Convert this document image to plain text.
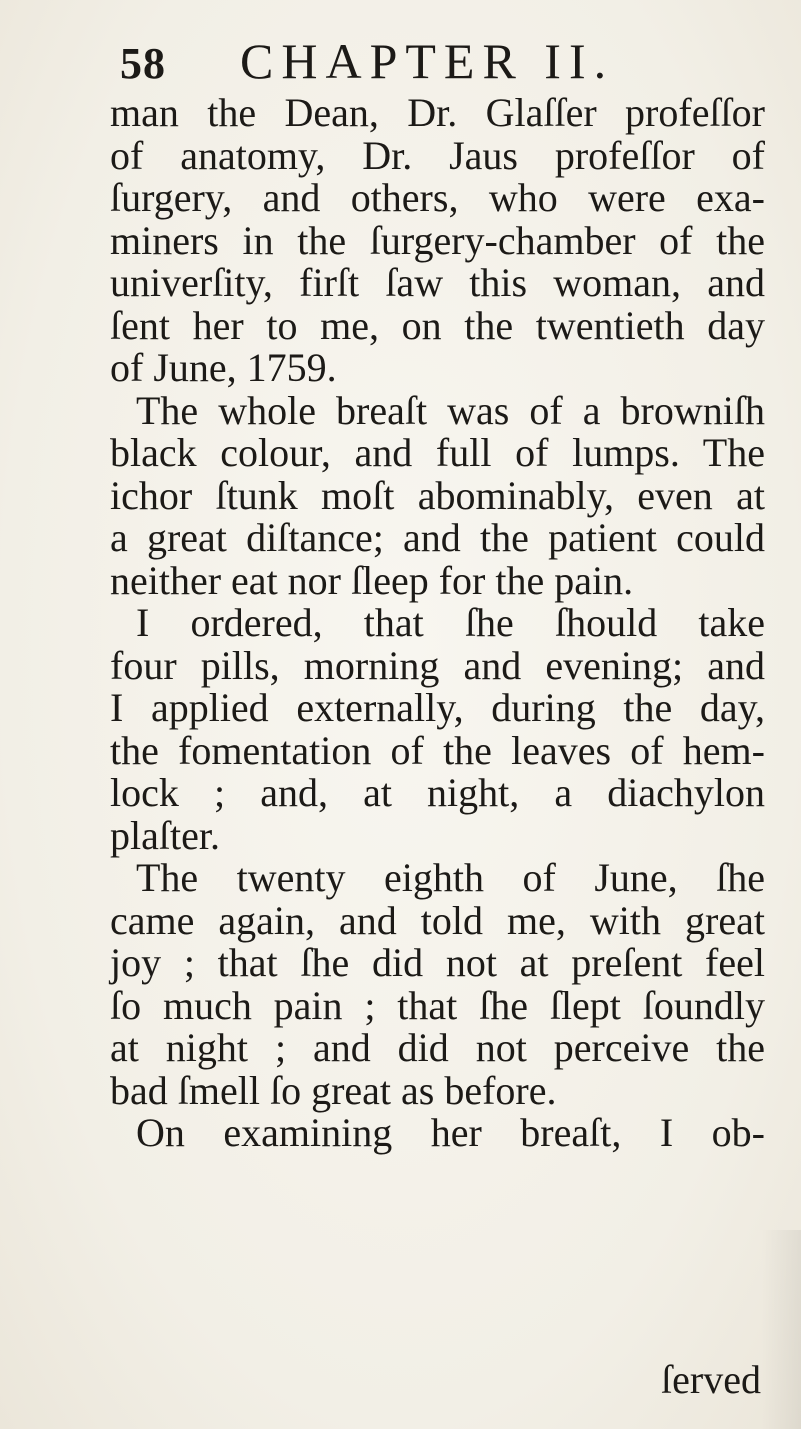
58 CHAPTER II.
man the Dean, Dr. Glaſſer profeſſor
of anatomy, Dr. Jaus profeſſor of
ſurgery, and others, who were exa-
miners in the ſurgery-chamber of the
univerſity, firſt ſaw this woman, and
ſent her to me, on the twentieth day
of June, 1759.
The whole breaſt was of a browniſh
black colour, and full of lumps. The
ichor ſtunk moſt abominably, even at
a great diſtance; and the patient could
neither eat nor ſleep for the pain.
I ordered, that ſhe ſhould take
four pills, morning and evening; and
I applied externally, during the day,
the fomentation of the leaves of hem-
lock ; and, at night, a diachylon
plaſter.
The twenty eighth of June, ſhe
came again, and told me, with great
joy ; that ſhe did not at preſent feel
ſo much pain ; that ſhe ſlept ſoundly
at night ; and did not perceive the
bad ſmell ſo great as before.
On examining her breaſt, I ob-
ſerved
